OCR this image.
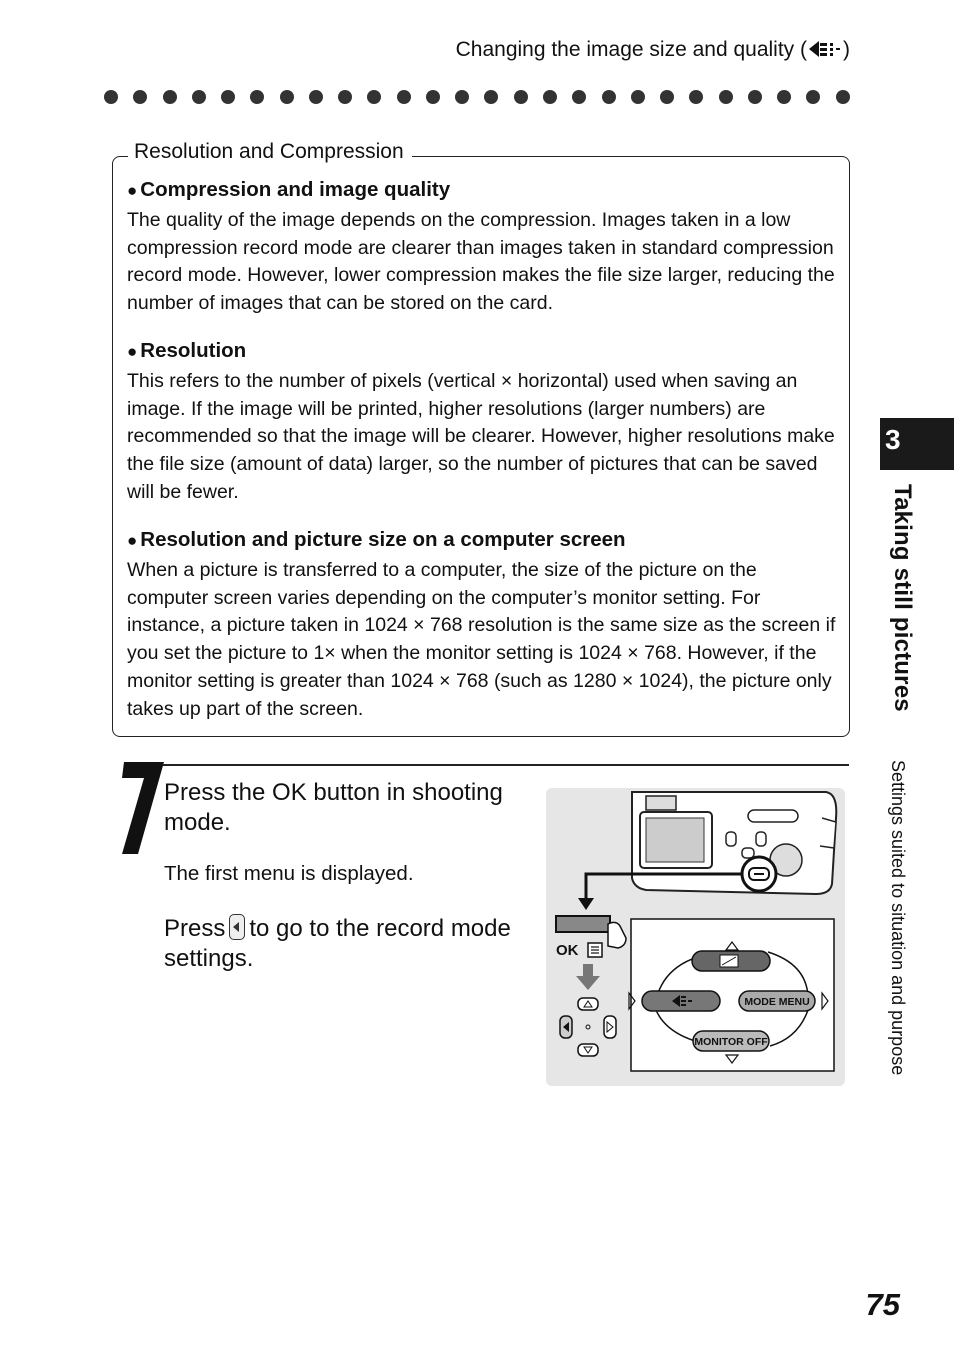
Changing the image size and quality ( )
Resolution and Compression
● Compression and image quality

The quality of the image depends on the compression. Images taken in a low compression record mode are clearer than images taken in standard compression record mode. However, lower compression makes the file size larger, reducing the number of images that can be stored on the card.

● Resolution

This refers to the number of pixels (vertical × horizontal) used when saving an image. If the image will be printed, higher resolutions (larger numbers) are recommended so that the image will be clearer. However, higher resolutions make the file size (amount of data) larger, so the number of pictures that can be saved will be fewer.

● Resolution and picture size on a computer screen

When a picture is transferred to a computer, the size of the picture on the computer screen varies depending on the computer’s monitor setting. For instance, a picture taken in 1024 × 768 resolution is the same size as the screen if you set the picture to 1× when the monitor setting is 1024 × 768. However, if the monitor setting is greater than 1024 × 768 (such as 1280 × 1024), the picture only takes up part of the screen.

Press the OK button in shooting mode.
The first menu is displayed.
Press to go to the record mode settings.	OK
MODE MENU
MONITOR OFF
3
Taking still pictures
Settings suited to situation and purpose
75
